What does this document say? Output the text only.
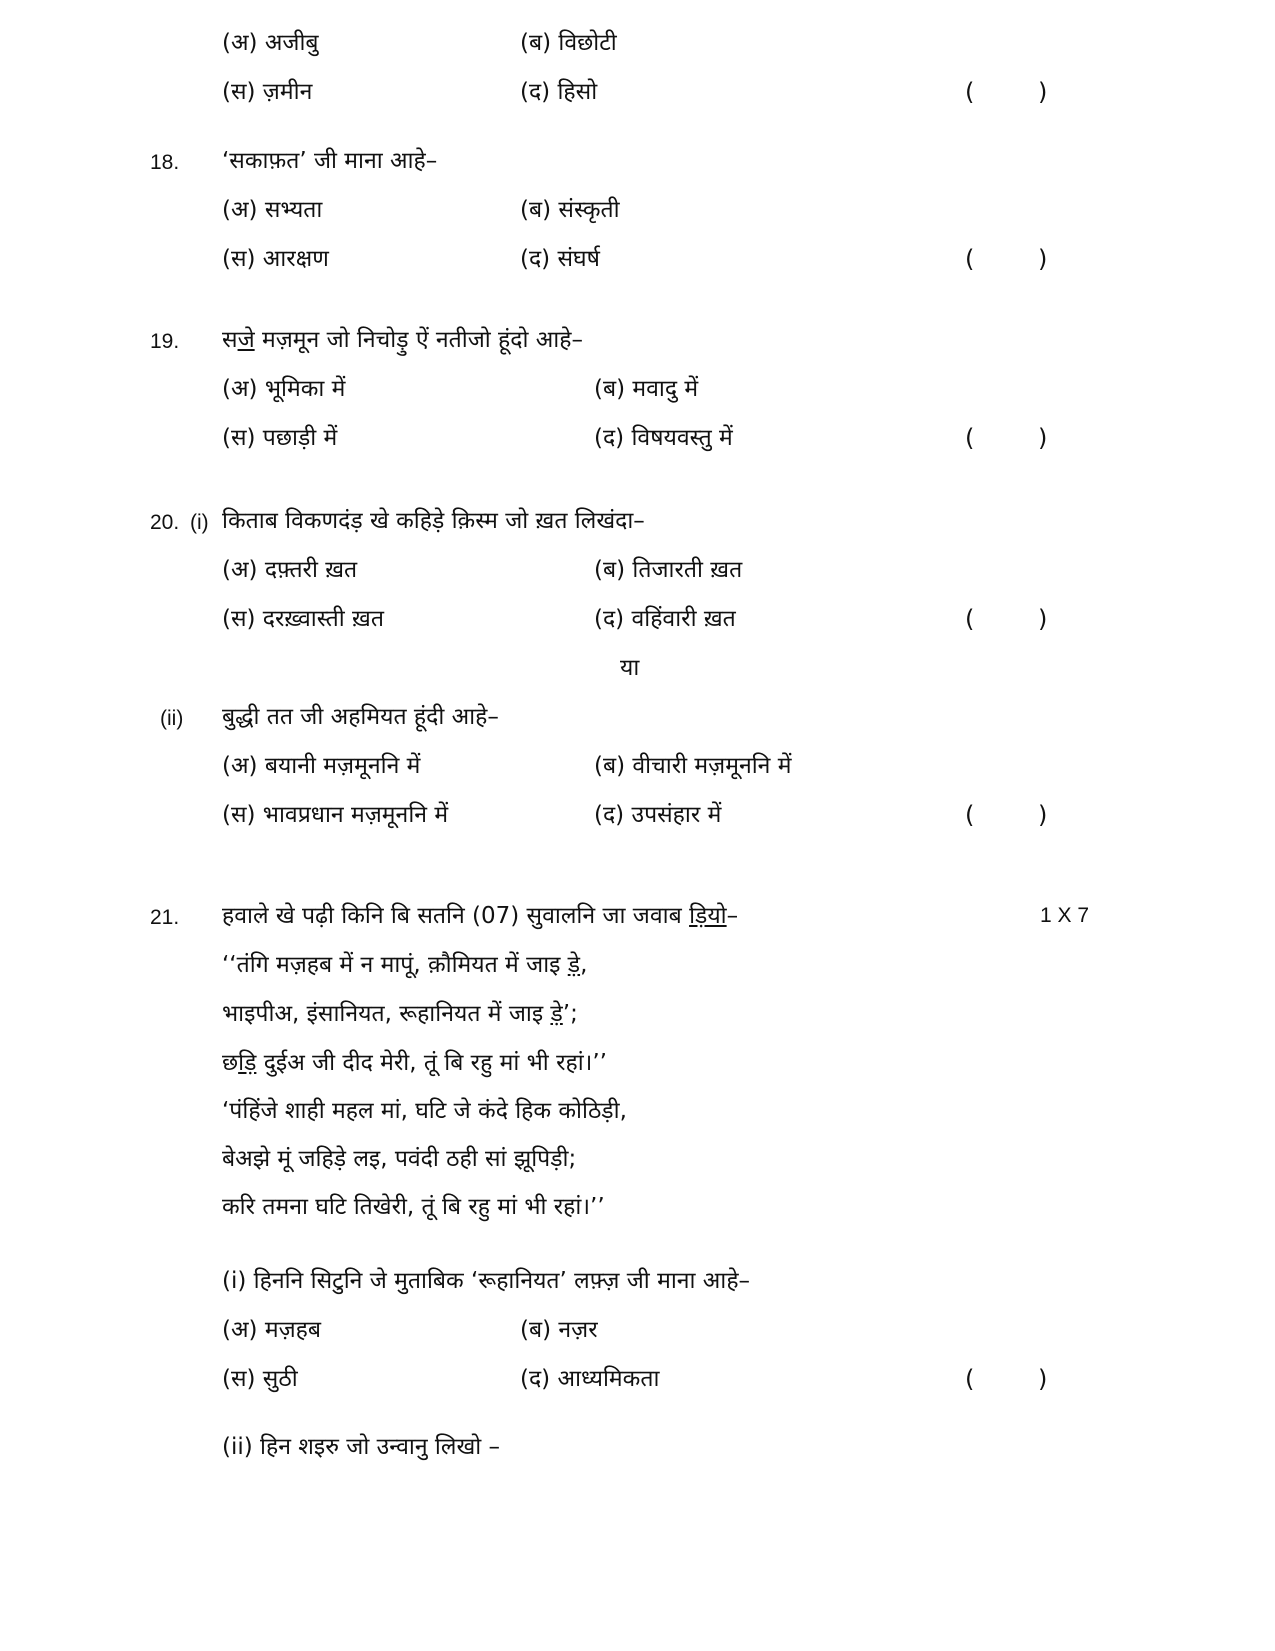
(अ) अजीबु	(ब) विछोटी
(स) ज़मीन	(द) हिसो	(	)
18. ‘सकाफ़त’ जी माना आहे–
(अ) सभ्यता	(ब) संस्कृती
(स) आरक्षण	(द) संघर्ष	(	)
19. सजे मज़मून जो निचोड़ु ऐं नतीजो हूंदो आहे–
(अ) भूमिका में	(ब) मवादु में
(स) पछाड़ी में	(द) विषयवस्तु में	(	)
20. (i) किताब विकणदंड़ खे कहिड़े क़िस्म जो ख़त लिखंदा–
(अ) दफ़्तरी ख़त	(ब) तिजारती ख़त
(स) दरख़्वास्ती ख़त	(द) वहिंवारी ख़त	(	)
या
(ii) बुद्धी तत जी अहमियत हूंदी आहे–
(अ) बयानी मज़मूननि में	(ब) वीचारी मज़मूननि में
(स) भावप्रधान मज़मूननि में	(द) उपसंहार में	(	)
21. हवाले खे पढ़ी किनि बि सतनि (07) सुवालनि जा जवाब ड़ियो–	1 X 7
‘‘तंगि मज़हब में न मापूं, क़ौमियत में जाइ ड़े,
भाइपीअ, इंसानियत, रूहानियत में जाइ ड़े’;
छड़ि दुईअ जी दीद मेरी, तूं बि रहु मां भी रहां।’’
‘पंहिंजे शाही महल मां, घटि जे कंदे हिक कोठिड़ी,
बेअझे मूं जहिड़े लइ, पवंदी ठही सां झूपिड़ी;
करि तमना घटि तिखेरी, तूं बि रहु मां भी रहां।’’
(i) हिननि सिटुनि जे मुताबिक ‘रूहानियत’ लफ़्ज़ जी माना आहे–
(अ) मज़हब	(ब) नज़र
(स) सुठी	(द) आध्यमिकता	(	)
(ii) हिन शइरु जो उन्वानु लिखो –
